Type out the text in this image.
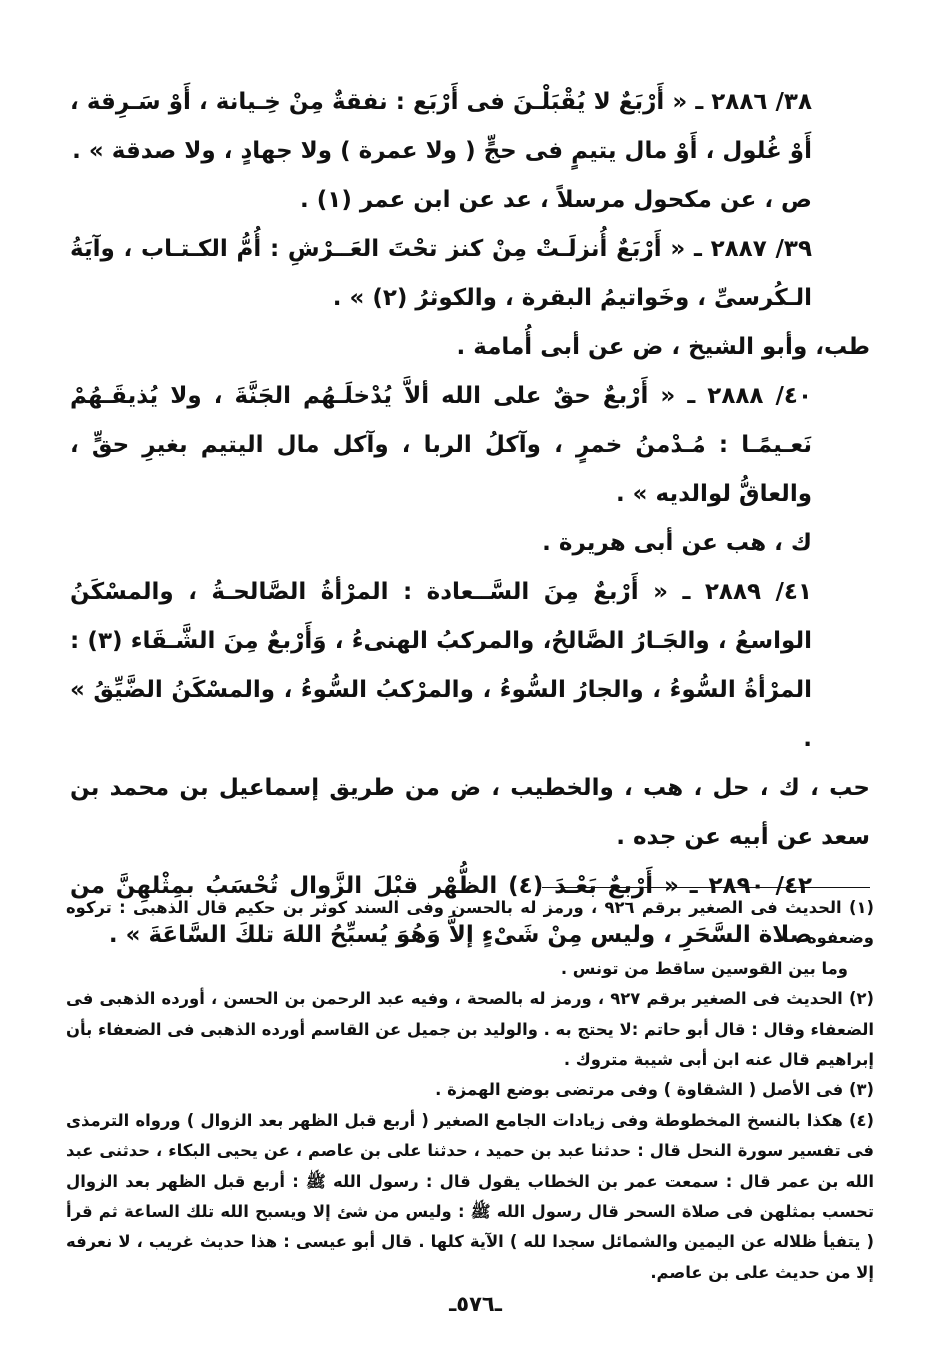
٣٨/ ٢٨٨٦ ـ « أَرْبَعٌ لا يُقْبَلْـنَ فى أَرْبَع : نفقةٌ مِنْ خِـيانة ، أَوْ سَـرِقة ، أَوْ غُلول ، أَوْ مال يتيمٍ فى حجٍّ ( ولا عمرة ) ولا جهادٍ ، ولا صدقة » .

ص ، عن مكحول مرسلاً ، عد عن ابن عمر (١) .

٣٩/ ٢٨٨٧ ـ « أَرْبَعٌ أُنزلَـتْ مِنْ كنز تحْتَ العَــرْشِ : أُمُّ الكـتـاب ، وآيَةُ الـكُرسىِّ ، وخَواتيمُ البقرة ، والكوثرُ (٢) » .

طب، وأبو الشيخ ، ض عن أبى أُمامة .

٤٠/ ٢٨٨٨ ـ « أَرْبعٌ حقٌ على الله ألاَّ يُدْخلَـهُم الجَنَّةَ ، ولا يُذيقَـهُمْ نَعـيمًـا : مُـدْمنُ خمرٍ ، وآكلُ الربا ، وآكل مال اليتيم بغيرِ حقٍّ ، والعاقُّ لوالديه » .

ك ، هب عن أبى هريرة .

٤١/ ٢٨٨٩ ـ « أَرْبعٌ مِنَ السَّــعادة : المرْأةُ الصَّالحـةُ ، والمسْكَنُ الواسعُ ، والجَـارُ الصَّالحُ، والمركبُ الهنىءُ ، وَأَرْبعٌ مِنَ الشَّـقَاء (٣) : المرْأةُ السُّوءُ ، والجارُ السُّوءُ ، والمرْكبُ السُّوءُ ، والمسْكَنُ الضَّيِّقُ » .

حب ، ك ، حل ، هب ، والخطيب ، ض من طريق إسماعيل بن محمد بن سعد عن أبيه عن جده .

٤٢/ ٢٨٩٠ ـ « أَرْبعٌ بَعْـدَ (٤) الظُّهْر قبْلَ الزَّوال تُحْسَبُ بمِثْلهِنَّ من صلاة السَّحَرِ ، وليس مِنْ شَىْءٍ إلاَّ وَهُوَ يُسبِّحُ اللهَ تلكَ السَّاعَةَ » .

(١) الحديث فى الصغير برقم ٩٢٦ ، ورمز له بالحسن وفى السند كوثر بن حكيم قال الذهبى : تركوه وضعفوه .

وما بين القوسين ساقط من تونس .

(٢) الحديث فى الصغير برقم ٩٢٧ ، ورمز له بالصحة ، وفيه عبد الرحمن بن الحسن ، أورده الذهبى فى الضعفاء وقال : قال أبو حاتم :لا يحتج به . والوليد بن جميل عن القاسم أورده الذهبى فى الضعفاء بأن إبراهيم قال عنه ابن أبى شيبة متروك .

(٣) فى الأصل ( الشقاوة ) وفى مرتضى بوضع الهمزة .

(٤) هكذا بالنسخ المخطوطة وفى زيادات الجامع الصغير ( أربع قبل الظهر بعد الزوال ) ورواه الترمذى فى تفسير سورة النحل قال : حدثنا عبد بن حميد ، حدثنا على بن عاصم ، عن يحيى البكاء ، حدثنى عبد الله بن عمر قال : سمعت عمر بن الخطاب يقول قال : رسول الله ﷺ : أربع قبل الظهر بعد الزوال تحسب بمثلهن فى صلاة السحر قال رسول الله ﷺ : وليس من شئ إلا ويسبح الله تلك الساعة ثم قرأ ( يتفيأ ظلاله عن اليمين والشمائل سجدا لله ) الآية كلها . قال أبو عيسى : هذا حديث غريب ، لا نعرفه إلا من حديث على بن عاصم.

ـ٥٧٦ـ
